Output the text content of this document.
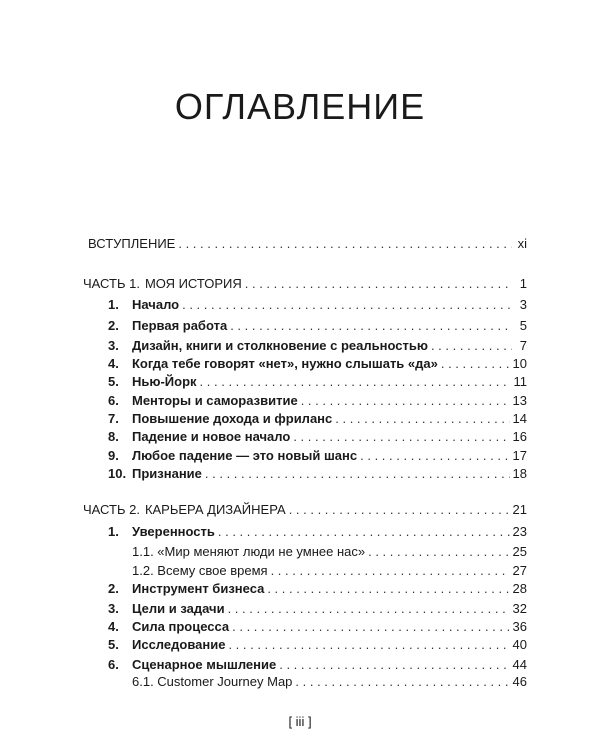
ОГЛАВЛЕНИЕ
ВСТУПЛЕНИЕ . . .	xi
ЧАСТЬ 1. МОЯ ИСТОРИЯ . . .	1
1.	Начало . . .	3
2.	Первая работа . . .	5
3.	Дизайн, книги и столкновение с реальностью . . .	7
4.	Когда тебе говорят «нет», нужно слышать «да» . . .	10
5.	Нью-Йорк . . .	11
6.	Менторы и саморазвитие . . .	13
7.	Повышение дохода и фриланс . . .	14
8.	Падение и новое начало . . .	16
9.	Любое падение — это новый шанс . . .	17
10. Признание . . .	18
ЧАСТЬ 2. КАРЬЕРА ДИЗАЙНЕРА . . .	21
1.	Уверенность . . .	23
1.1. «Мир меняют люди не умнее нас» . . .	25
1.2. Всему свое время . . .	27
2.	Инструмент бизнеса . . .	28
3.	Цели и задачи . . .	32
4.	Сила процесса . . .	36
5.	Исследование . . .	40
6.	Сценарное мышление . . .	44
6.1. Customer Journey Map . . .	46
[ iii ]
